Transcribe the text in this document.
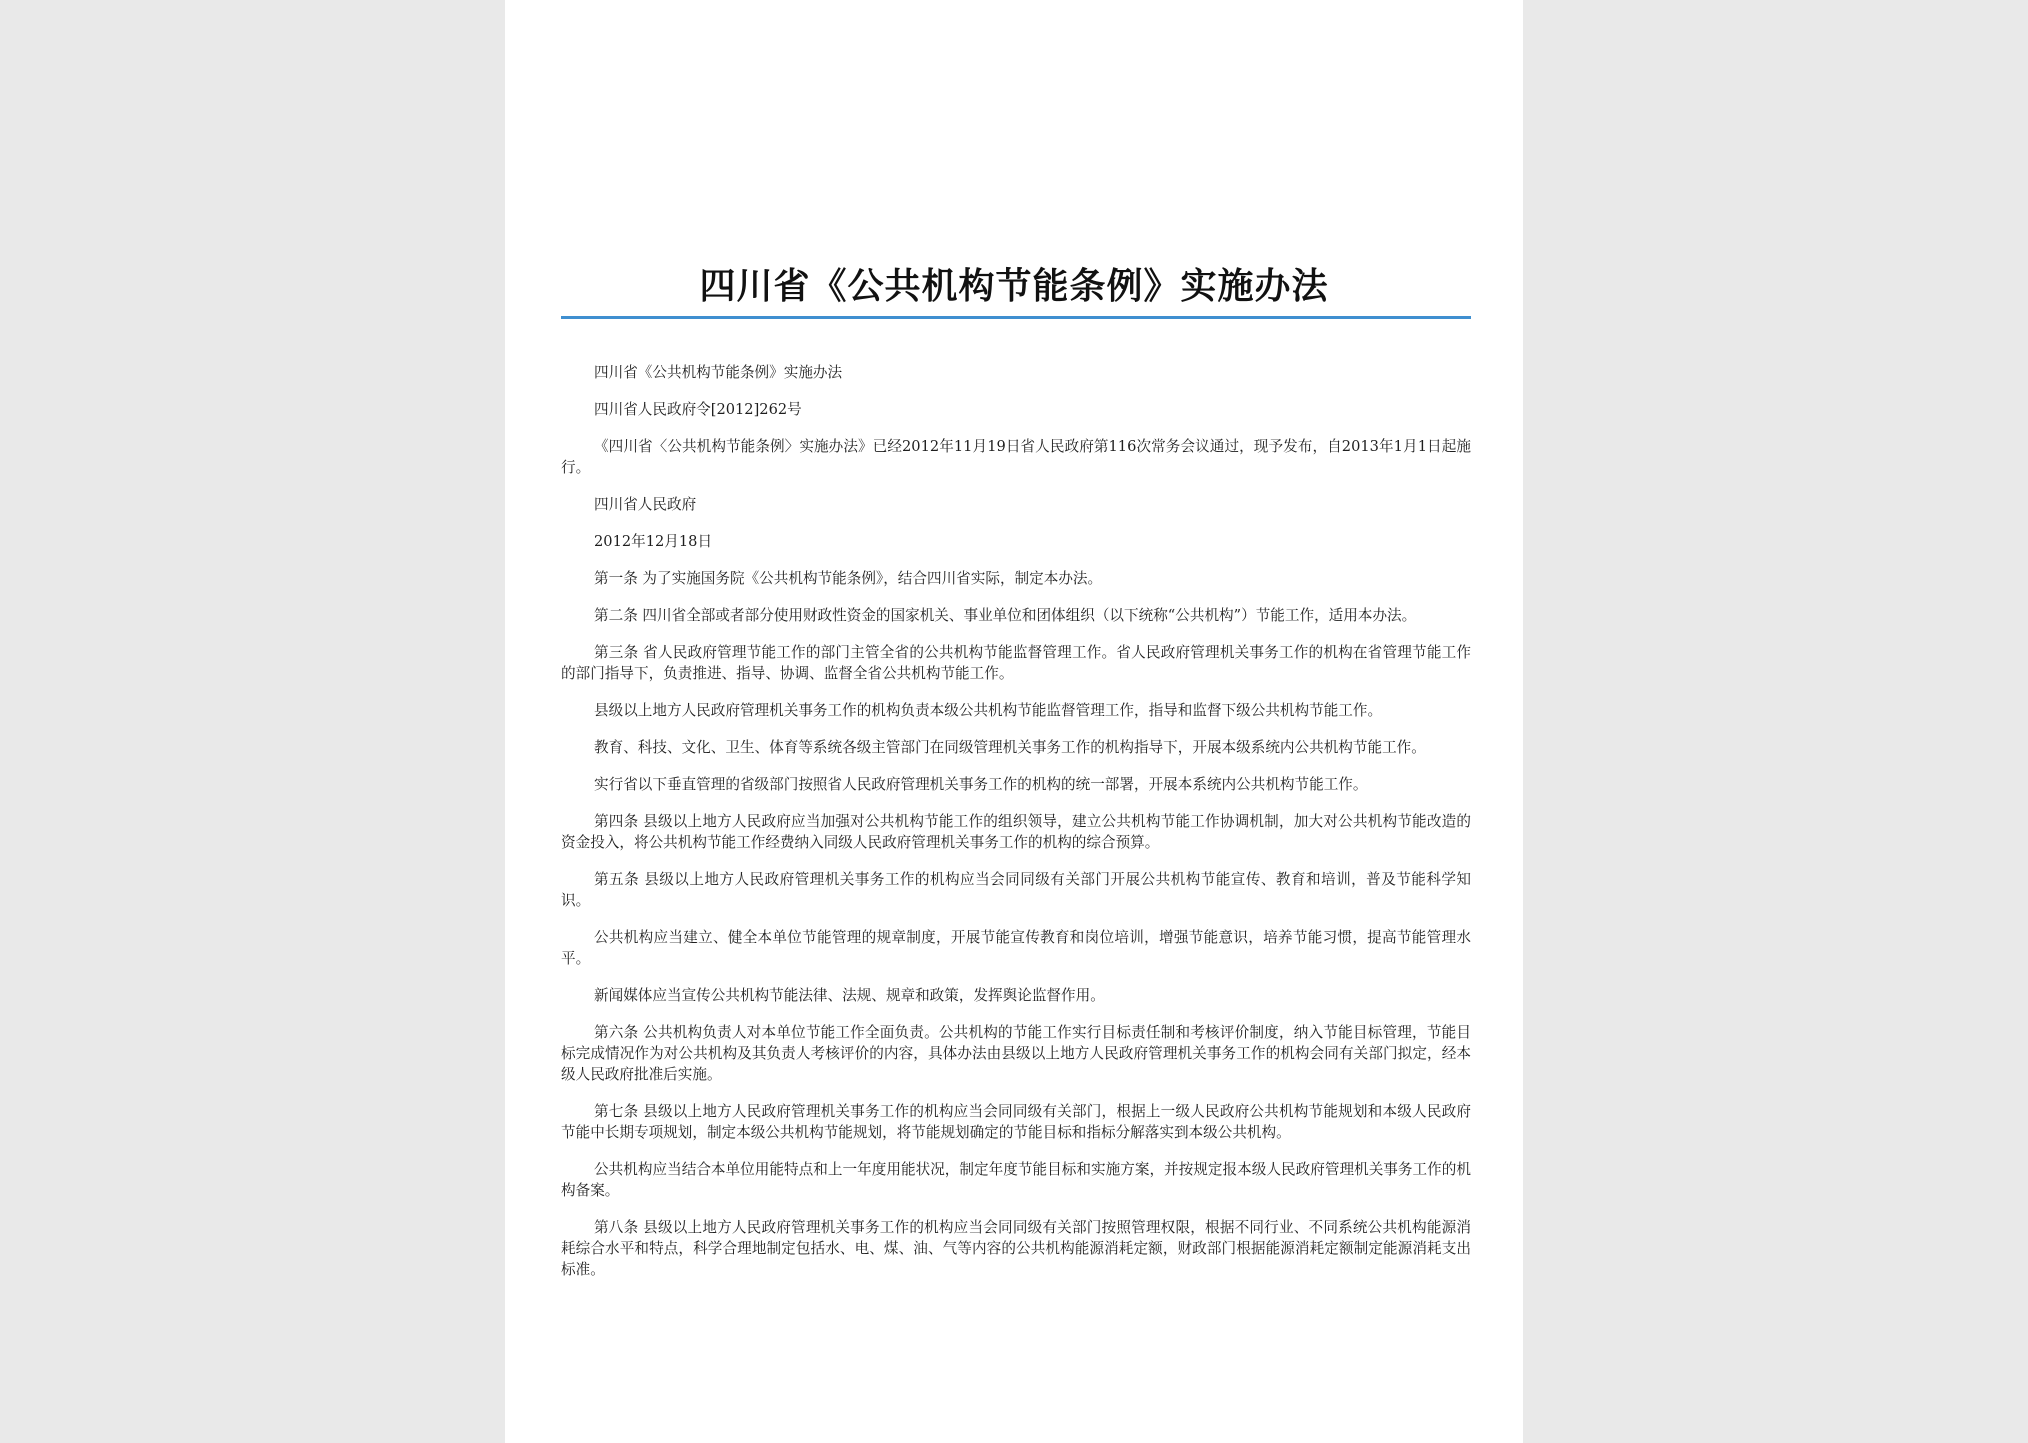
四川省《公共机构节能条例》实施办法

四川省《公共机构节能条例》实施办法

四川省人民政府令[2012]262号

《四川省〈公共机构节能条例〉实施办法》已经2012年11月19日省人民政府第116次常务会议通过，现予发布，自2013年1月1日起施行。

四川省人民政府

2012年12月18日

第一条 为了实施国务院《公共机构节能条例》，结合四川省实际，制定本办法。

第二条 四川省全部或者部分使用财政性资金的国家机关、事业单位和团体组织（以下统称“公共机构”）节能工作，适用本办法。

第三条 省人民政府管理节能工作的部门主管全省的公共机构节能监督管理工作。省人民政府管理机关事务工作的机构在省管理节能工作的部门指导下，负责推进、指导、协调、监督全省公共机构节能工作。

县级以上地方人民政府管理机关事务工作的机构负责本级公共机构节能监督管理工作，指导和监督下级公共机构节能工作。

教育、科技、文化、卫生、体育等系统各级主管部门在同级管理机关事务工作的机构指导下，开展本级系统内公共机构节能工作。

实行省以下垂直管理的省级部门按照省人民政府管理机关事务工作的机构的统一部署，开展本系统内公共机构节能工作。

第四条 县级以上地方人民政府应当加强对公共机构节能工作的组织领导，建立公共机构节能工作协调机制，加大对公共机构节能改造的资金投入，将公共机构节能工作经费纳入同级人民政府管理机关事务工作的机构的综合预算。

第五条 县级以上地方人民政府管理机关事务工作的机构应当会同同级有关部门开展公共机构节能宣传、教育和培训，普及节能科学知识。

公共机构应当建立、健全本单位节能管理的规章制度，开展节能宣传教育和岗位培训，增强节能意识，培养节能习惯，提高节能管理水平。

新闻媒体应当宣传公共机构节能法律、法规、规章和政策，发挥舆论监督作用。

第六条 公共机构负责人对本单位节能工作全面负责。公共机构的节能工作实行目标责任制和考核评价制度，纳入节能目标管理，节能目标完成情况作为对公共机构及其负责人考核评价的内容，具体办法由县级以上地方人民政府管理机关事务工作的机构会同有关部门拟定，经本级人民政府批准后实施。

第七条 县级以上地方人民政府管理机关事务工作的机构应当会同同级有关部门，根据上一级人民政府公共机构节能规划和本级人民政府节能中长期专项规划，制定本级公共机构节能规划，将节能规划确定的节能目标和指标分解落实到本级公共机构。

公共机构应当结合本单位用能特点和上一年度用能状况，制定年度节能目标和实施方案，并按规定报本级人民政府管理机关事务工作的机构备案。

第八条 县级以上地方人民政府管理机关事务工作的机构应当会同同级有关部门按照管理权限，根据不同行业、不同系统公共机构能源消耗综合水平和特点，科学合理地制定包括水、电、煤、油、气等内容的公共机构能源消耗定额，财政部门根据能源消耗定额制定能源消耗支出标准。
